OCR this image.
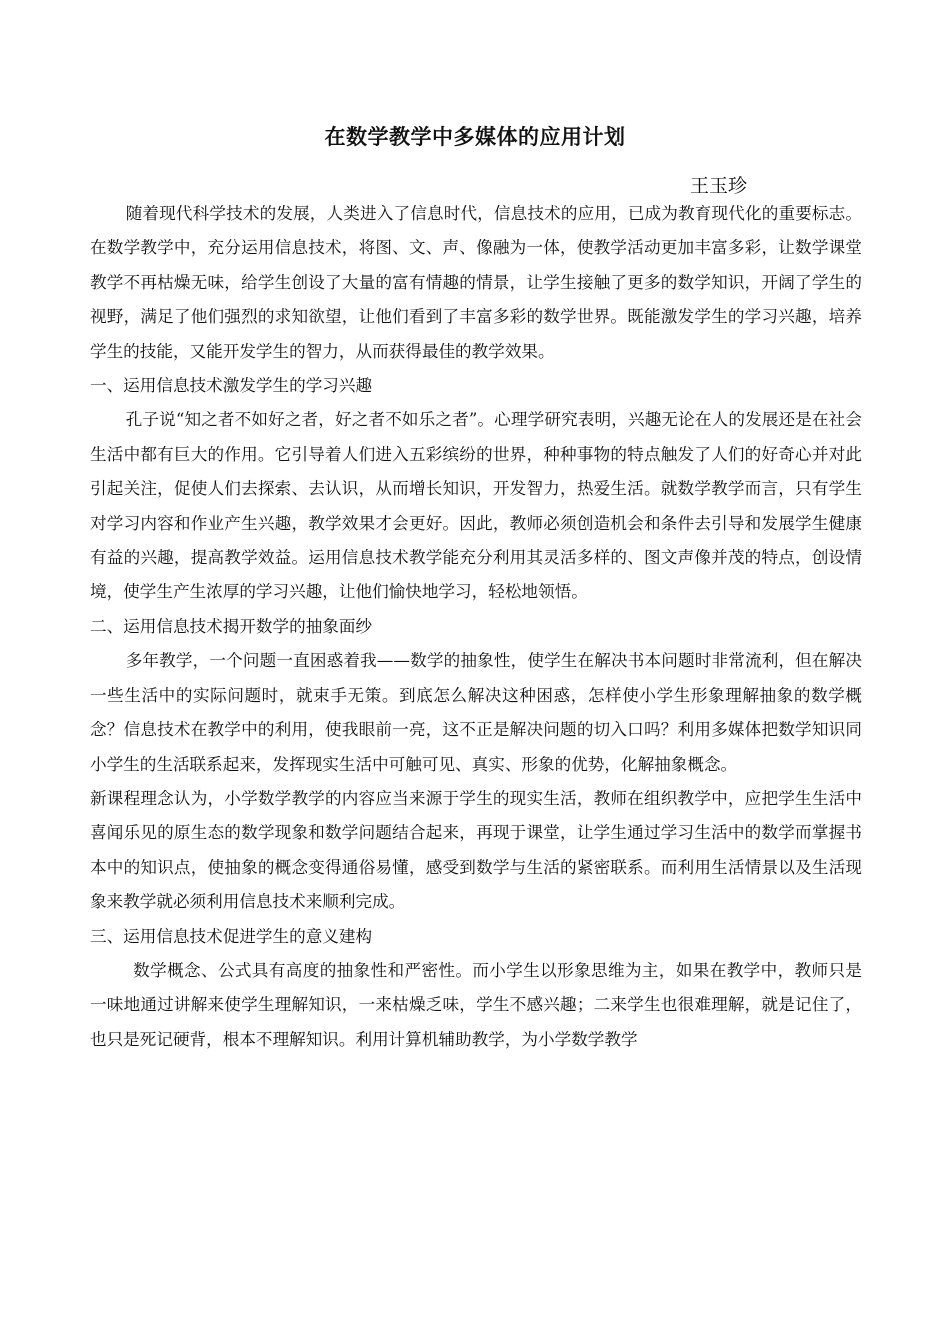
在数学教学中多媒体的应用计划
王玉珍

随着现代科学技术的发展，人类进入了信息时代，信息技术的应用，已成为教育现代化的重要标志。在数学教学中，充分运用信息技术，将图、文、声、像融为一体，使教学活动更加丰富多彩，让数学课堂教学不再枯燥无味，给学生创设了大量的富有情趣的情景，让学生接触了更多的数学知识，开阔了学生的视野，满足了他们强烈的求知欲望，让他们看到了丰富多彩的数学世界。既能激发学生的学习兴趣，培养学生的技能，又能开发学生的智力，从而获得最佳的教学效果。

一、运用信息技术激发学生的学习兴趣

孔子说“知之者不如好之者，好之者不如乐之者”。心理学研究表明，兴趣无论在人的发展还是在社会生活中都有巨大的作用。它引导着人们进入五彩缤纷的世界，种种事物的特点触发了人们的好奇心并对此引起关注，促使人们去探索、去认识，从而增长知识，开发智力，热爱生活。就数学教学而言，只有学生对学习内容和作业产生兴趣，教学效果才会更好。因此，教师必须创造机会和条件去引导和发展学生健康有益的兴趣，提高教学效益。运用信息技术教学能充分利用其灵活多样的、图文声像并茂的特点，创设情境，使学生产生浓厚的学习兴趣，让他们愉快地学习，轻松地领悟。

二、运用信息技术揭开数学的抽象面纱

多年教学，一个问题一直困惑着我——数学的抽象性，使学生在解决书本问题时非常流利，但在解决一些生活中的实际问题时，就束手无策。到底怎么解决这种困惑，怎样使小学生形象理解抽象的数学概念？信息技术在教学中的利用，使我眼前一亮，这不正是解决问题的切入口吗？利用多媒体把数学知识同小学生的生活联系起来，发挥现实生活中可触可见、真实、形象的优势，化解抽象概念。

新课程理念认为，小学数学教学的内容应当来源于学生的现实生活，教师在组织教学中，应把学生生活中喜闻乐见的原生态的数学现象和数学问题结合起来，再现于课堂，让学生通过学习生活中的数学而掌握书本中的知识点，使抽象的概念变得通俗易懂，感受到数学与生活的紧密联系。而利用生活情景以及生活现象来教学就必须利用信息技术来顺利完成。

三、运用信息技术促进学生的意义建构

数学概念、公式具有高度的抽象性和严密性。而小学生以形象思维为主，如果在教学中，教师只是一味地通过讲解来使学生理解知识，一来枯燥乏味，学生不感兴趣；二来学生也很难理解，就是记住了，也只是死记硬背，根本不理解知识。利用计算机辅助教学，为小学数学教学
